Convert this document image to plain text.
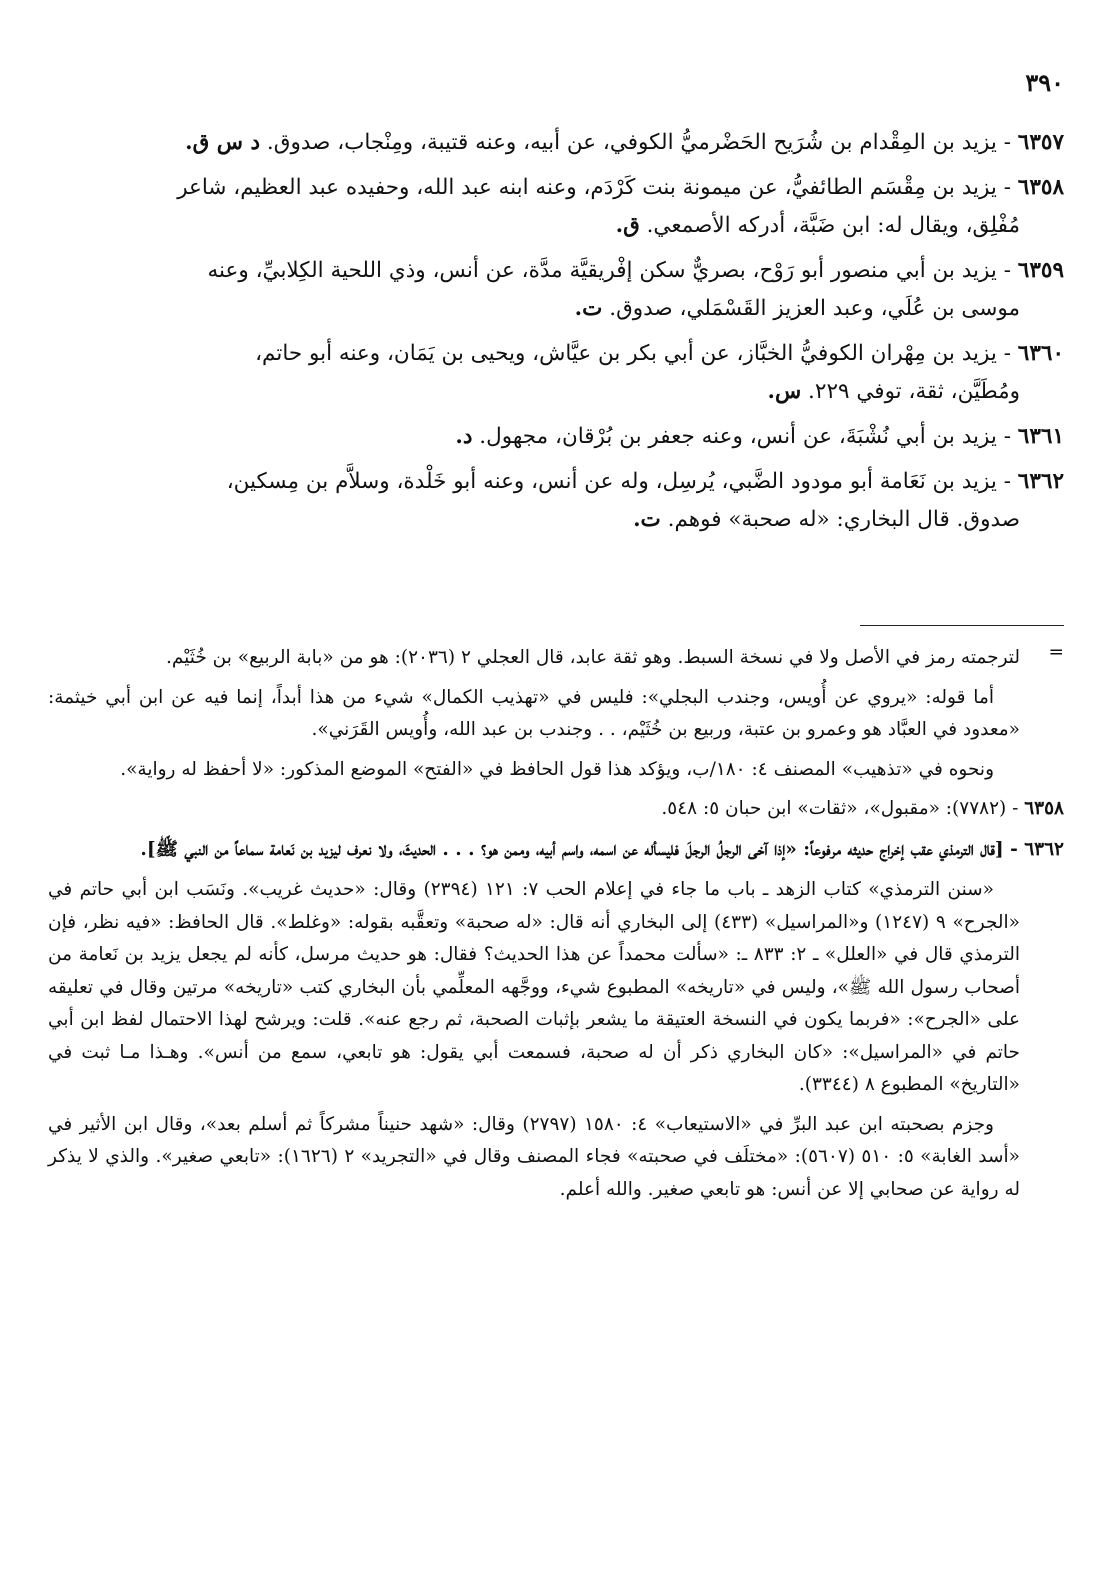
٣٩٠
٦٣٥٧ - يزيد بن المِقْدام بن شُرَيح الحَضْرميُّ الكوفي، عن أبيه، وعنه قتيبة، ومِنْجاب، صدوق. د س ق.
٦٣٥٨ - يزيد بن مِقْسَم الطائفيُّ، عن ميمونة بنت كَرْدَم، وعنه ابنه عبد الله، وحفيده عبد العظيم، شاعر
مُفْلِق، ويقال له: ابن ضَبَّة، أدركه الأصمعي. ق.
٦٣٥٩ - يزيد بن أبي منصور أبو رَوْح، بصريٌّ سكن إفْريقيَّة مدَّة، عن أنس، وذي اللحية الكِلابيِّ، وعنه
موسى بن عُلَي، وعبد العزيز القَسْمَلي، صدوق. ت.
٦٣٦٠ - يزيد بن مِهْران الكوفيُّ الخبَّاز، عن أبي بكر بن عيَّاش، ويحيى بن يَمَان، وعنه أبو حاتم،
ومُطَيَّن، ثقة، توفي ٢٢٩. س.
٦٣٦١ - يزيد بن أبي نُشْبَةَ، عن أنس، وعنه جعفر بن بُرْقان، مجهول. د.
٦٣٦٢ - يزيد بن نَعَامة أبو مودود الضَّبي، يُرسِل، وله عن أنس، وعنه أبو خَلْدة، وسلاَّم بن مِسكين،
صدوق. قال البخاري: «له صحبة» فوهم. ت.
=

لترجمته رمز في الأصل ولا في نسخة السبط. وهو ثقة عابد، قال العجلي ٢ (٢٠٣٦): هو من «بابة الربيع» بن خُثَيْم.

أما قوله: «يروي عن أُويس، وجندب البجلي»: فليس في «تهذيب الكمال» شيء من هذا أبداً، إنما فيه عن ابن أبي خيثمة: «معدود في العبَّاد هو وعمرو بن عتبة، وربيع بن خُثَيْم، . . وجندب بن عبد الله، وأُويس القَرَني».

ونحوه في «تذهيب» المصنف ٤: ١٨٠/ب، ويؤكد هذا قول الحافظ في «الفتح» الموضع المذكور: «لا أحفظ له رواية».

٦٣٥٨ - (٧٧٨٢): «مقبول»، «ثقات» ابن حبان ٥: ٥٤٨.
٦٣٦٢ - [قال الترمذي عقب إخراج حديثه مرفوعاً: «إذا آخى الرجلُ الرجلَ فليسأله عن اسمه، واسم أبيه، وممن هو؟ . . . الحديثَ، ولا نعرف ليزيد بن نَعامة سماعاً من النبي ﷺ].

«سنن الترمذي» كتاب الزهد ـ باب ما جاء في إعلام الحب ٧: ١٢١ (٢٣٩٤) وقال: «حديث غريب». ونَسَب ابن أبي حاتم في «الجرح» ٩ (١٢٤٧) و«المراسيل» (٤٣٣) إلى البخاري أنه قال: «له صحبة» وتعقَّبه بقوله: «وغلط». قال الحافظ: «فيه نظر، فإن الترمذي قال في «العلل» ـ ٢: ٨٣٣ ـ: «سألت محمداً عن هذا الحديث؟ فقال: هو حديث مرسل، كأنه لم يجعل يزيد بن نَعامة من أصحاب رسول الله ﷺ»، وليس في «تاريخه» المطبوع شيء، ووجَّهه المعلِّمي بأن البخاري كتب «تاريخه» مرتين وقال في تعليقه على «الجرح»: «فربما يكون في النسخة العتيقة ما يشعر بإثبات الصحبة، ثم رجع عنه». قلت: ويرشح لهذا الاحتمال لفظ ابن أبي حاتم في «المراسيل»: «كان البخاري ذكر أن له صحبة، فسمعت أبي يقول: هو تابعي، سمع من أنس». وهـذا مـا ثبت في «التاريخ» المطبوع ٨ (٣٣٤٤).

وجزم بصحبته ابن عبد البرِّ في «الاستيعاب» ٤: ١٥٨٠ (٢٧٩٧) وقال: «شهد حنيناً مشركاً ثم أسلم بعد»، وقال ابن الأثير في «أسد الغابة» ٥: ٥١٠ (٥٦٠٧): «مختلَف في صحبته» فجاء المصنف وقال في «التجريد» ٢ (١٦٢٦): «تابعي صغير». والذي لا يذكر له رواية عن صحابي إلا عن أنس: هو تابعي صغير. والله أعلم.
